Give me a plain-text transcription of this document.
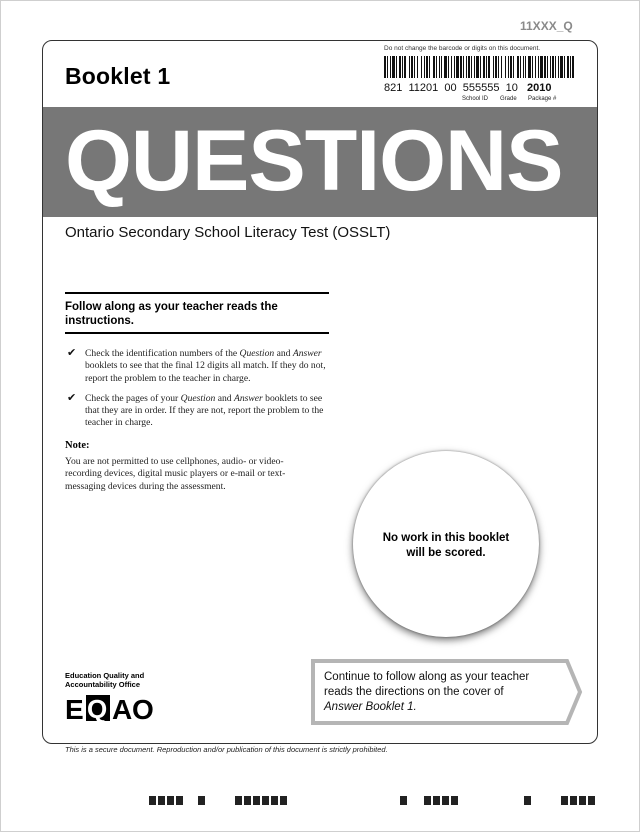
11XXX_Q
Booklet 1
Do not change the barcode or digits on this document.
821 11201 00 555555 10 2010
School ID Grade Package #
QUESTIONS
Ontario Secondary School Literacy Test (OSSLT)
Follow along as your teacher reads the instructions.
✔ Check the identification numbers of the Question and Answer booklets to see that the final 12 digits all match. If they do not, report the problem to the teacher in charge.
✔ Check the pages of your Question and Answer booklets to see that they are in order. If they are not, report the problem to the teacher in charge.
Note:
You are not permitted to use cellphones, audio- or video-recording devices, digital music players or e-mail or text-messaging devices during the assessment.
No work in this booklet
will be scored.
Education Quality and
Accountability Office
E Q A O
Continue to follow along as your teacher
reads the directions on the cover of
Answer Booklet 1.
This is a secure document. Reproduction and/or publication of this document is strictly prohibited.
